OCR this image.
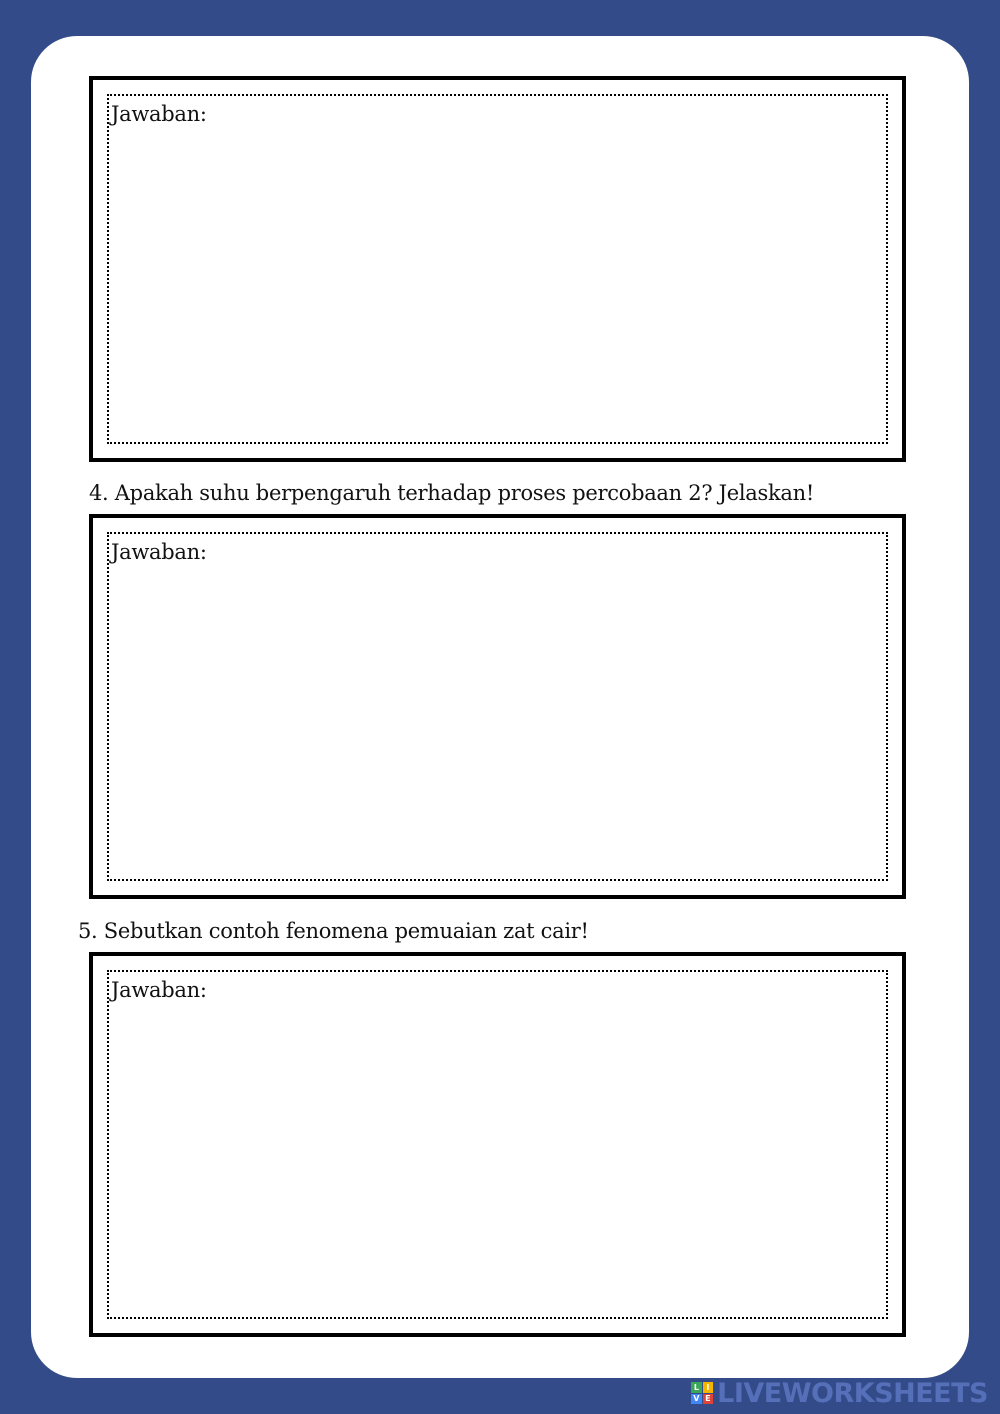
Jawaban:
4. Apakah suhu berpengaruh terhadap proses percobaan 2? Jelaskan!
Jawaban:
5. Sebutkan contoh fenomena pemuaian zat cair!
Jawaban:
L I
V E LIVEWORKSHEETS
